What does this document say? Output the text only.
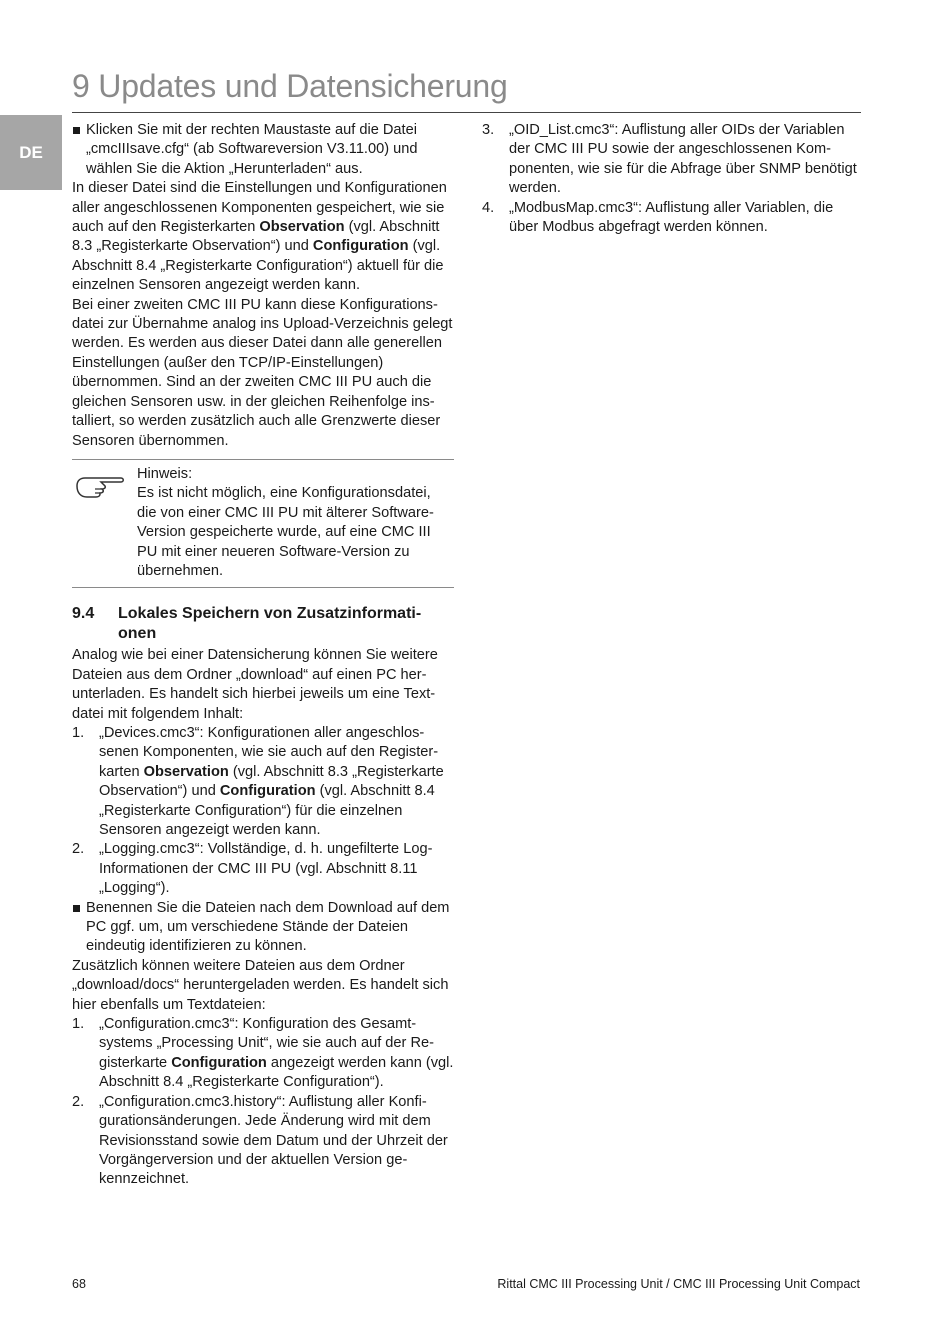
9 Updates und Datensicherung
DE

Klicken Sie mit der rechten Maustaste auf die Datei „cmcIIIsave.cfg“ (ab Softwareversion V3.11.00) und wählen Sie die Aktion „Herunterladen“ aus.

In dieser Datei sind die Einstellungen und Konfigurationen aller angeschlossenen Komponenten gespeichert, wie sie auch auf den Registerkarten Observation (vgl. Abschnitt 8.3 „Registerkarte Observation“) und Configuration (vgl. Abschnitt 8.4 „Registerkarte Configuration“) aktuell für die einzelnen Sensoren angezeigt werden kann.

Bei einer zweiten CMC III PU kann diese Konfigurationsdatei zur Übernahme analog ins Upload-Verzeichnis gelegt werden. Es werden aus dieser Datei dann alle generellen Einstellungen (außer den TCP/IP-Einstellungen) übernommen. Sind an der zweiten CMC III PU auch die gleichen Sensoren usw. in der gleichen Reihenfolge installiert, so werden zusätzlich auch alle Grenzwerte dieser Sensoren übernommen.

Hinweis:

Es ist nicht möglich, eine Konfigurationsdatei, die von einer CMC III PU mit älterer SoftwareVersion gespeicherte wurde, auf eine CMC III PU mit einer neueren Software-Version zu übernehmen.

9.4	Lokales Speichern von Zusatzinformationen

Analog wie bei einer Datensicherung können Sie weitere Dateien aus dem Ordner „download“ auf einen PC herunterladen. Es handelt sich hierbei jeweils um eine Textdatei mit folgendem Inhalt:

1. „Devices.cmc3“: Konfigurationen aller angeschlossenen Komponenten, wie sie auch auf den Registerkarten Observation (vgl. Abschnitt 8.3 „Registerkarte Observation“) und Configuration (vgl. Abschnitt 8.4 „Registerkarte Configuration“) für die einzelnen Sensoren angezeigt werden kann.

2. „Logging.cmc3“: Vollständige, d. h. ungefilterte Log-Informationen der CMC III PU (vgl. Abschnitt 8.11 „Logging“).

Benennen Sie die Dateien nach dem Download auf dem PC ggf. um, um verschiedene Stände der Dateien eindeutig identifizieren zu können.

Zusätzlich können weitere Dateien aus dem Ordner „download/docs“ heruntergeladen werden. Es handelt sich hier ebenfalls um Textdateien:

1. „Configuration.cmc3“: Konfiguration des Gesamtsystems „Processing Unit“, wie sie auch auf der Registerkarte Configuration angezeigt werden kann (vgl. Abschnitt 8.4 „Registerkarte Configuration“).

2. „Configuration.cmc3.history“: Auflistung aller Konfigurationsänderungen. Jede Änderung wird mit dem Revisionsstand sowie dem Datum und der Uhrzeit der Vorgängerversion und der aktuellen Version gekennzeichnet.

3. „OID_List.cmc3“: Auflistung aller OIDs der Variablen der CMC III PU sowie der angeschlossenen Komponenten, wie sie für die Abfrage über SNMP benötigt werden.

4. „ModbusMap.cmc3“: Auflistung aller Variablen, die über Modbus abgefragt werden können.

68	Rittal CMC III Processing Unit / CMC III Processing Unit Compact
